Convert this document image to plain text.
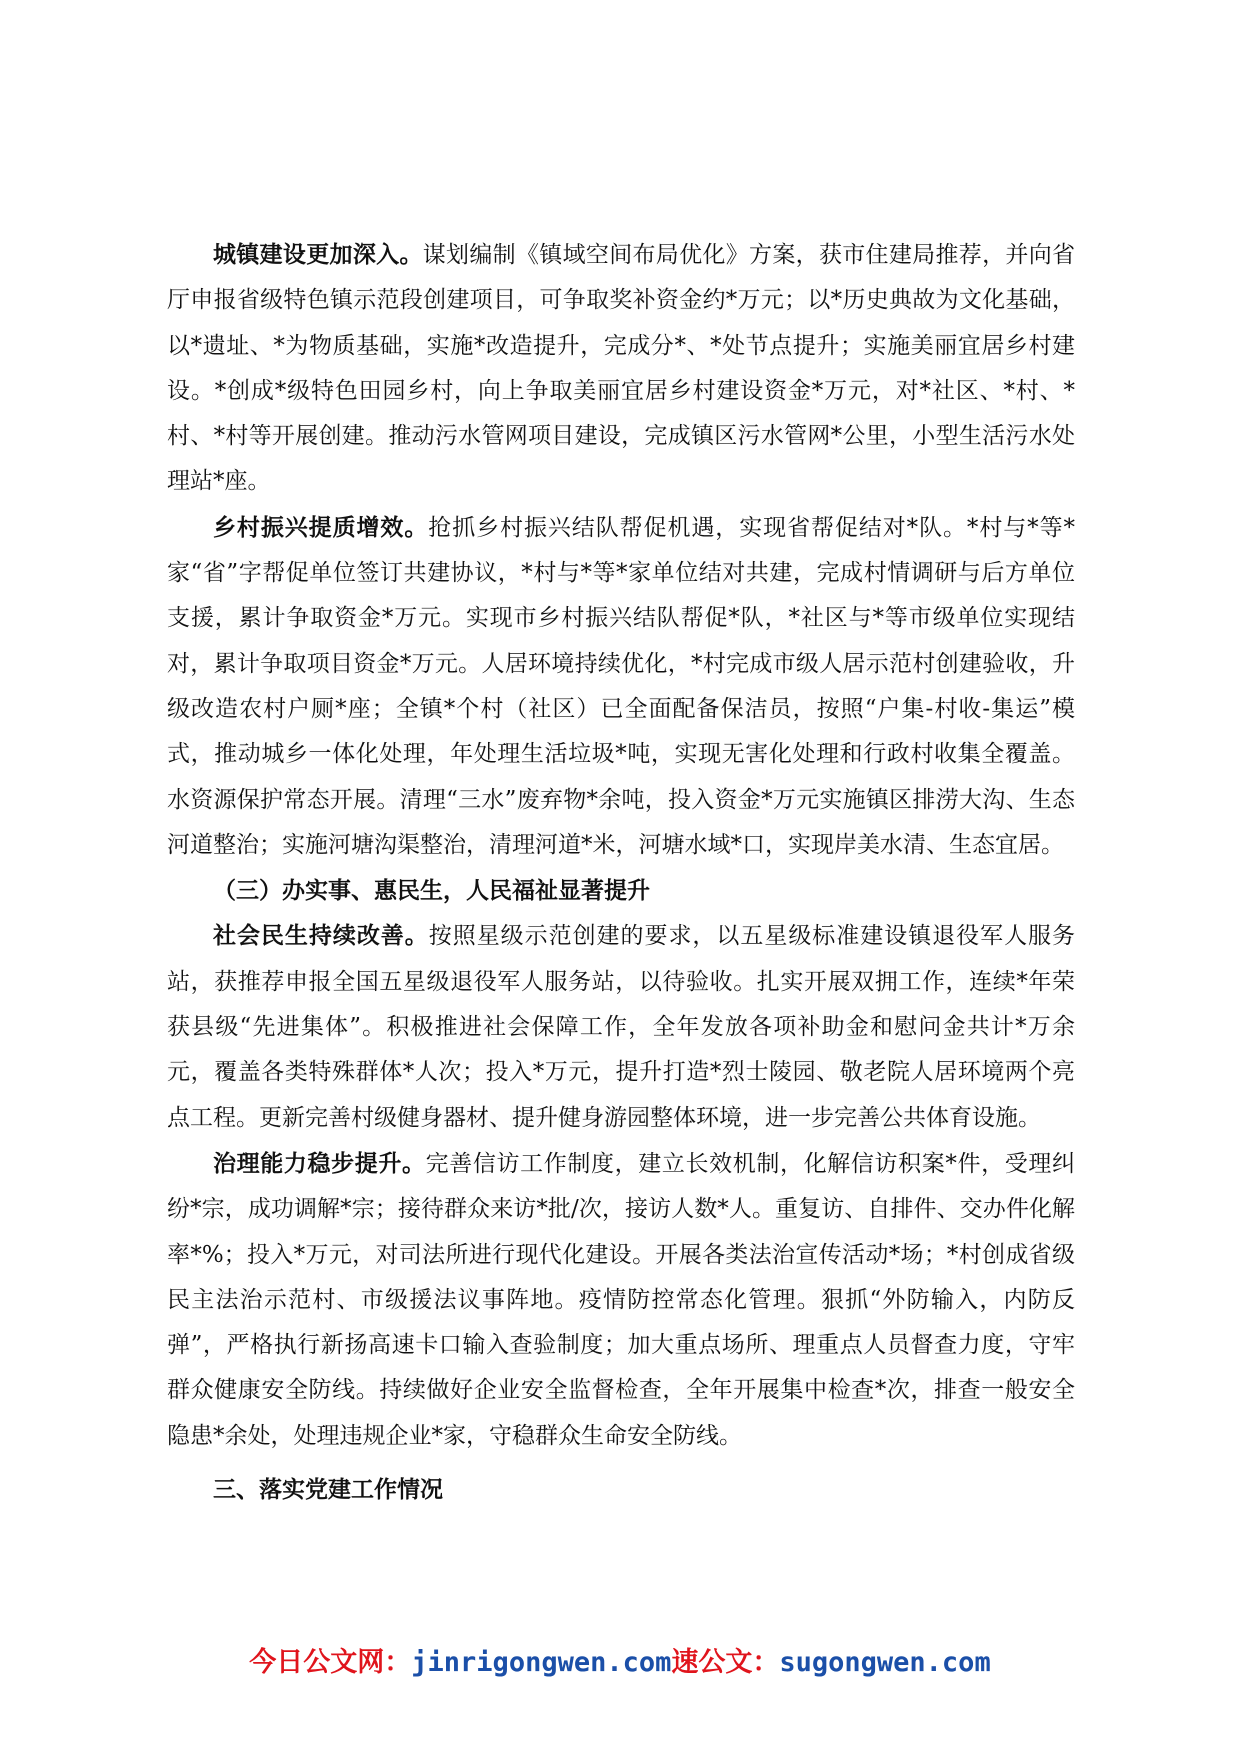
城镇建设更加深入。谋划编制《镇域空间布局优化》方案，获市住建局推荐，并向省厅申报省级特色镇示范段创建项目，可争取奖补资金约*万元；以*历史典故为文化基础，以*遗址、*为物质基础，实施*改造提升，完成分*、*处节点提升；实施美丽宜居乡村建设。*创成*级特色田园乡村，向上争取美丽宜居乡村建设资金*万元，对*社区、*村、*村、*村等开展创建。推动污水管网项目建设，完成镇区污水管网*公里，小型生活污水处理站*座。

乡村振兴提质增效。抢抓乡村振兴结队帮促机遇，实现省帮促结对*队。*村与*等*家“省”字帮促单位签订共建协议，*村与*等*家单位结对共建，完成村情调研与后方单位支援，累计争取资金*万元。实现市乡村振兴结队帮促*队，*社区与*等市级单位实现结对，累计争取项目资金*万元。人居环境持续优化，*村完成市级人居示范村创建验收，升级改造农村户厕*座；全镇*个村（社区）已全面配备保洁员，按照“户集-村收-集运”模式，推动城乡一体化处理，年处理生活垃圾*吨，实现无害化处理和行政村收集全覆盖。水资源保护常态开展。清理“三水”废弃物*余吨，投入资金*万元实施镇区排涝大沟、生态河道整治；实施河塘沟渠整治，清理河道*米，河塘水域*口，实现岸美水清、生态宜居。

（三）办实事、惠民生，人民福祉显著提升

社会民生持续改善。按照星级示范创建的要求，以五星级标准建设镇退役军人服务站，获推荐申报全国五星级退役军人服务站，以待验收。扎实开展双拥工作，连续*年荣获县级“先进集体”。积极推进社会保障工作，全年发放各项补助金和慰问金共计*万余元，覆盖各类特殊群体*人次；投入*万元，提升打造*烈士陵园、敬老院人居环境两个亮点工程。更新完善村级健身器材、提升健身游园整体环境，进一步完善公共体育设施。

治理能力稳步提升。完善信访工作制度，建立长效机制，化解信访积案*件，受理纠纷*宗，成功调解*宗；接待群众来访*批/次，接访人数*人。重复访、自排件、交办件化解率*%；投入*万元，对司法所进行现代化建设。开展各类法治宣传活动*场；*村创成省级民主法治示范村、市级援法议事阵地。疫情防控常态化管理。狠抓“外防输入，内防反弹”，严格执行新扬高速卡口输入查验制度；加大重点场所、理重点人员督查力度，守牢群众健康安全防线。持续做好企业安全监督检查，全年开展集中检查*次，排查一般安全隐患*余处，处理违规企业*家，守稳群众生命安全防线。

三、落实党建工作情况

今日公文网：jinrigongwen.com速公文：sugongwen.com
